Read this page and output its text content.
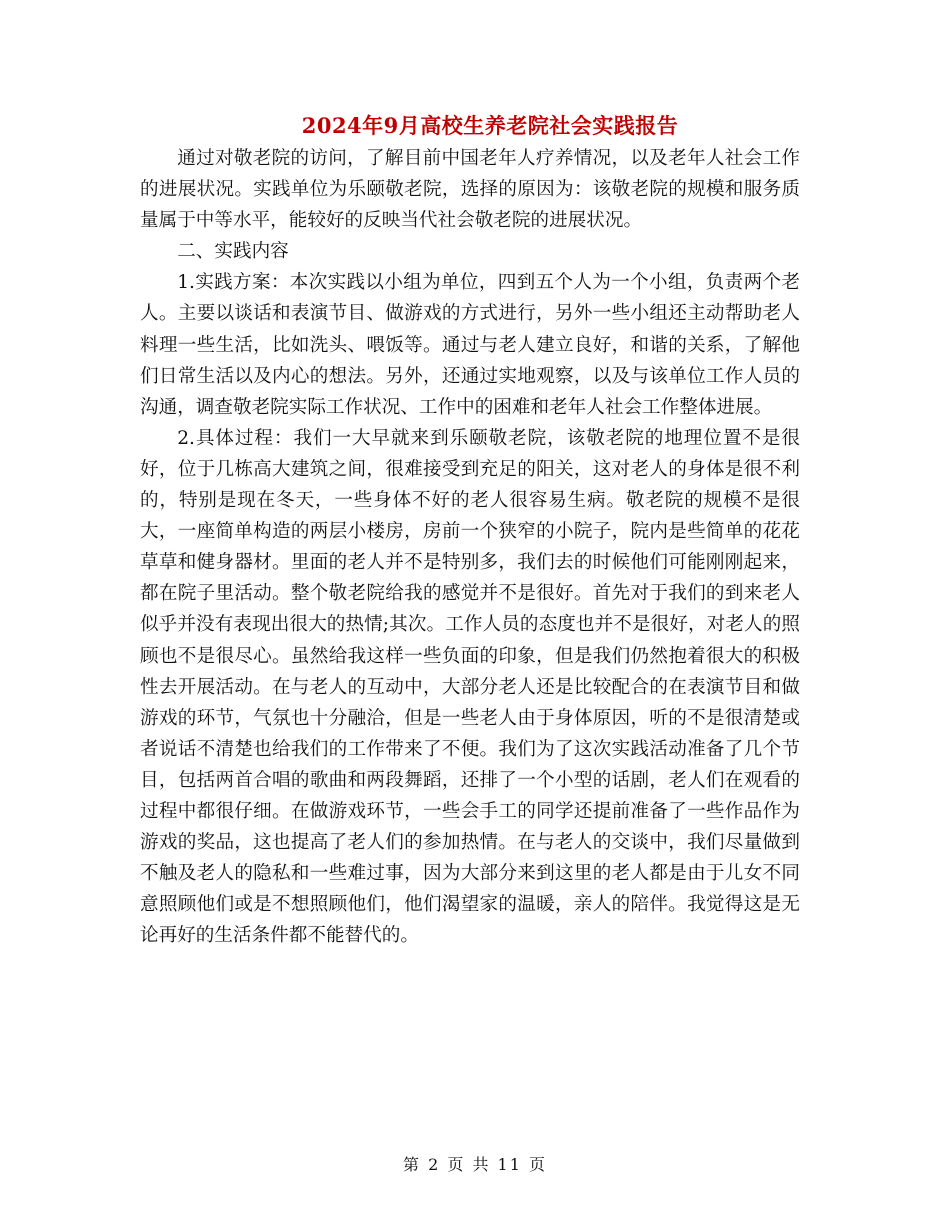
2024年9月高校生养老院社会实践报告

通过对敬老院的访问，了解目前中国老年人疗养情况，以及老年人社会工作的进展状况。实践单位为乐颐敬老院，选择的原因为：该敬老院的规模和服务质量属于中等水平，能较好的反映当代社会敬老院的进展状况。

二、实践内容

1.实践方案：本次实践以小组为单位，四到五个人为一个小组，负责两个老人。主要以谈话和表演节目、做游戏的方式进行，另外一些小组还主动帮助老人料理一些生活，比如洗头、喂饭等。通过与老人建立良好，和谐的关系，了解他们日常生活以及内心的想法。另外，还通过实地观察，以及与该单位工作人员的沟通，调查敬老院实际工作状况、工作中的困难和老年人社会工作整体进展。

2.具体过程：我们一大早就来到乐颐敬老院，该敬老院的地理位置不是很好，位于几栋高大建筑之间，很难接受到充足的阳关，这对老人的身体是很不利的，特别是现在冬天，一些身体不好的老人很容易生病。敬老院的规模不是很大，一座简单构造的两层小楼房，房前一个狭窄的小院子，院内是些简单的花花草草和健身器材。里面的老人并不是特别多，我们去的时候他们可能刚刚起来，都在院子里活动。整个敬老院给我的感觉并不是很好。首先对于我们的到来老人似乎并没有表现出很大的热情;其次。工作人员的态度也并不是很好，对老人的照顾也不是很尽心。虽然给我这样一些负面的印象，但是我们仍然抱着很大的积极性去开展活动。在与老人的互动中，大部分老人还是比较配合的在表演节目和做游戏的环节，气氛也十分融洽，但是一些老人由于身体原因，听的不是很清楚或者说话不清楚也给我们的工作带来了不便。我们为了这次实践活动准备了几个节目，包括两首合唱的歌曲和两段舞蹈，还排了一个小型的话剧，老人们在观看的过程中都很仔细。在做游戏环节，一些会手工的同学还提前准备了一些作品作为游戏的奖品，这也提高了老人们的参加热情。在与老人的交谈中，我们尽量做到不触及老人的隐私和一些难过事，因为大部分来到这里的老人都是由于儿女不同意照顾他们或是不想照顾他们，他们渴望家的温暖，亲人的陪伴。我觉得这是无论再好的生活条件都不能替代的。

第 2 页 共 11 页
